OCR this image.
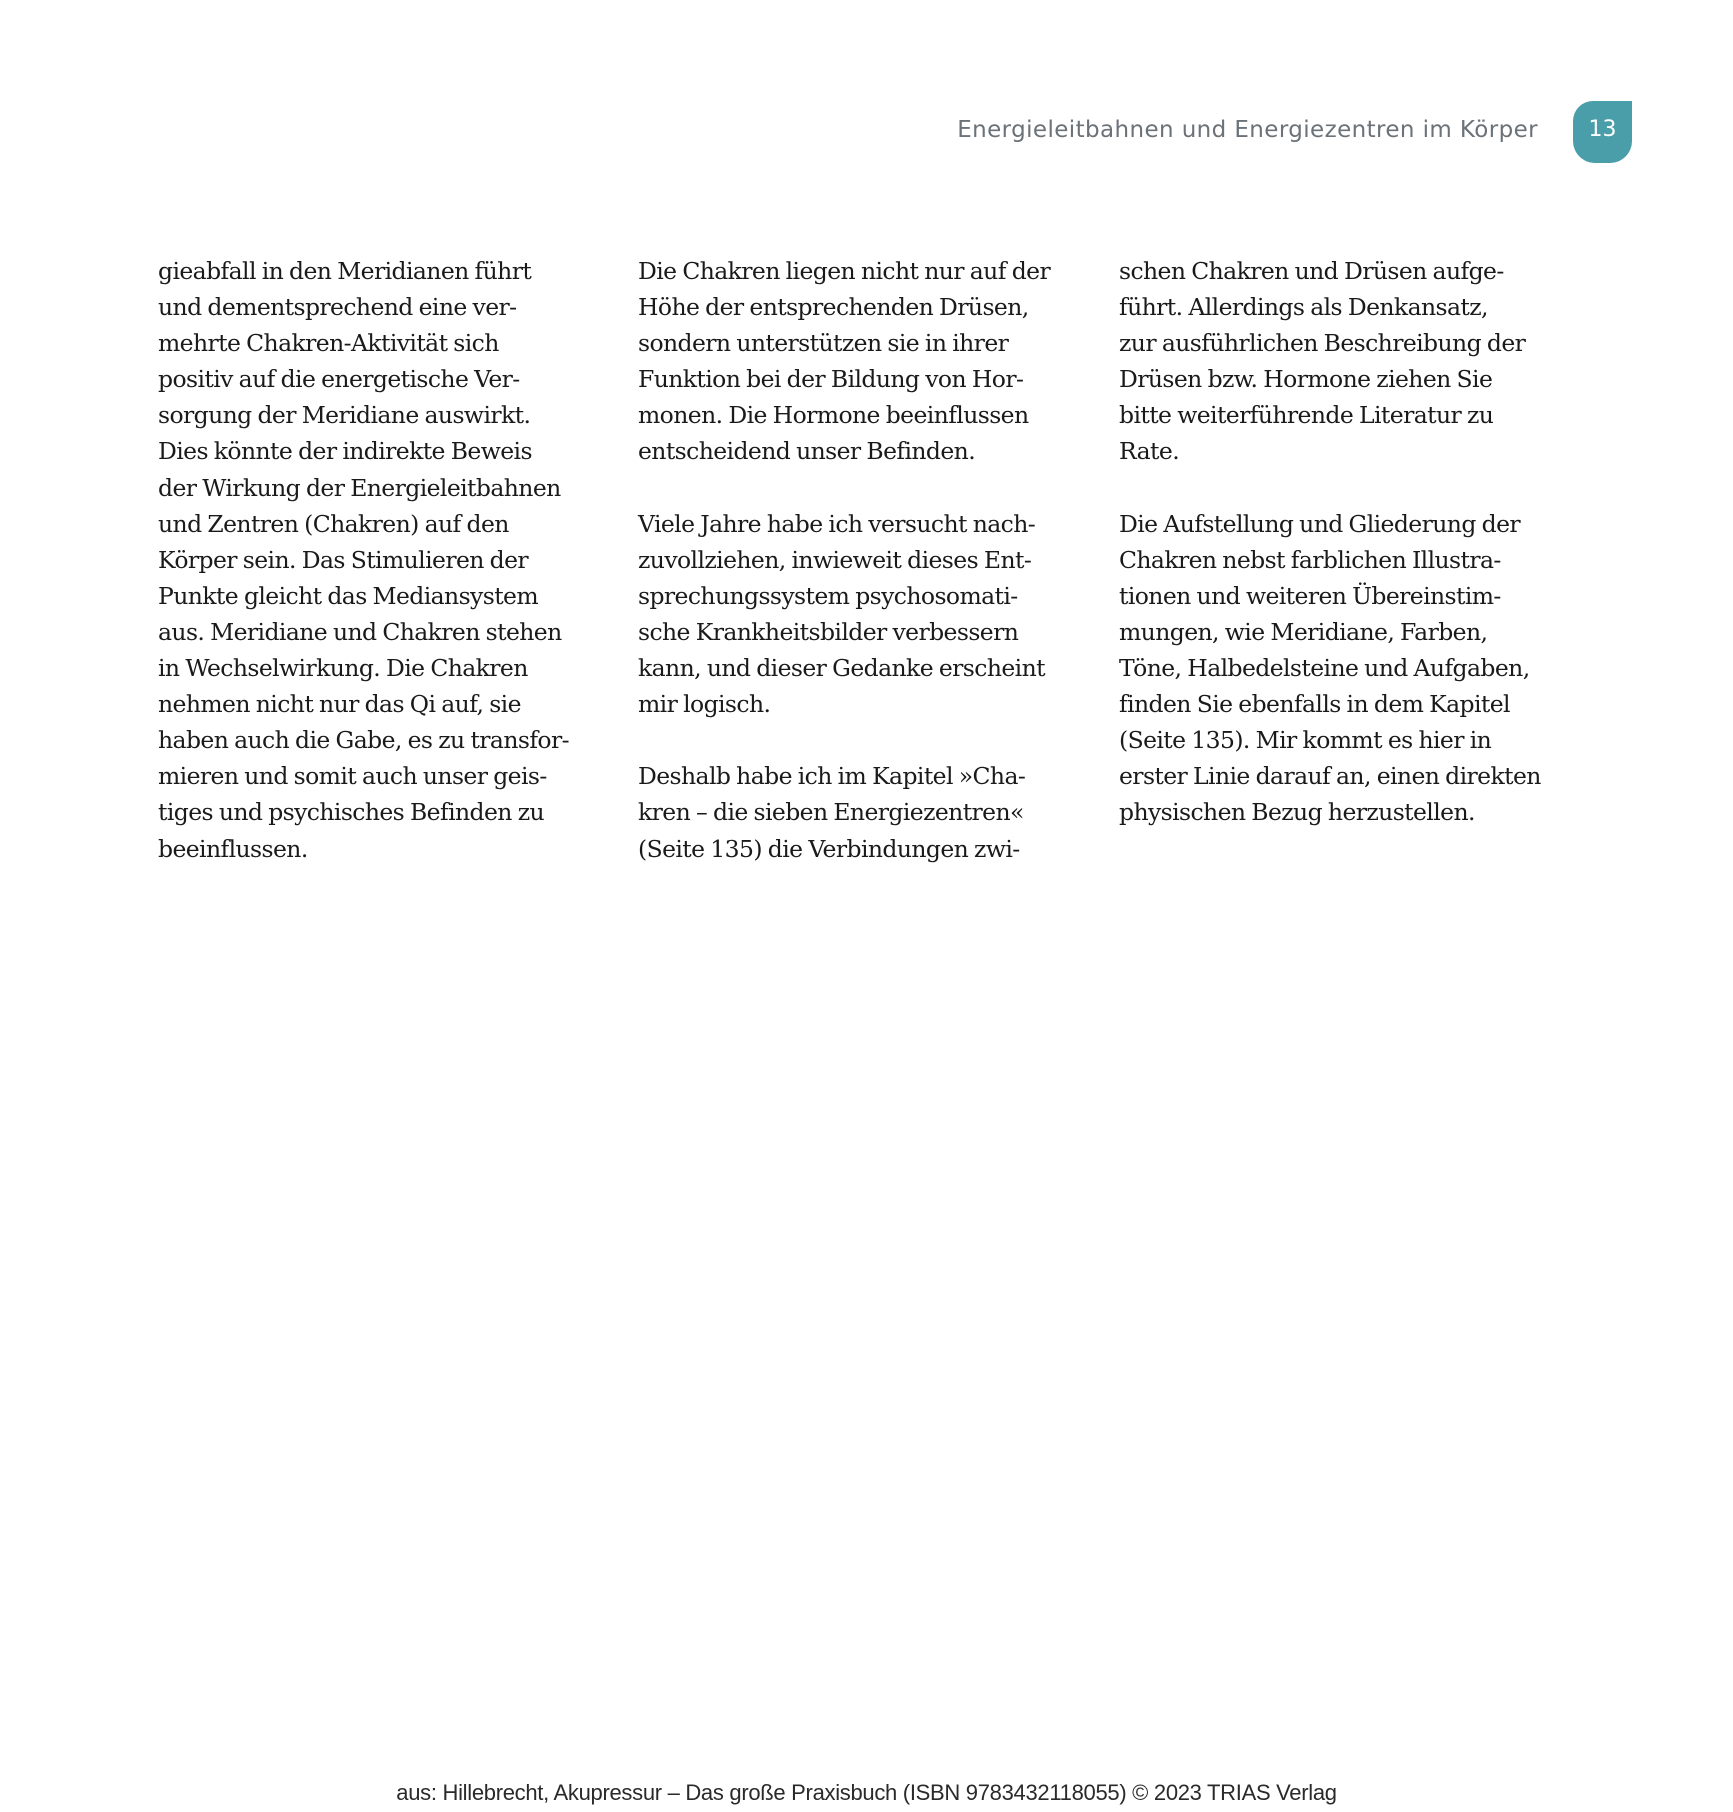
Energieleitbahnen und Energiezentren im Körper 13

gieabfall in den Meridianen führt
und dementsprechend eine ver-
mehrte Chakren-Aktivität sich
positiv auf die energetische Ver-
sorgung der Meridiane auswirkt.
Dies könnte der indirekte Beweis
der Wirkung der Energieleitbahnen
und Zentren (Chakren) auf den
Körper sein. Das Stimulieren der
Punkte gleicht das Mediansystem
aus. Meridiane und Chakren stehen
in Wechselwirkung. Die Chakren
nehmen nicht nur das Qi auf, sie
haben auch die Gabe, es zu transfor-
mieren und somit auch unser geis-
tiges und psychisches Befinden zu
beeinflussen.

Die Chakren liegen nicht nur auf der
Höhe der entsprechenden Drüsen,
sondern unterstützen sie in ihrer
Funktion bei der Bildung von Hor-
monen. Die Hormone beeinflussen
entscheidend unser Befinden.

Viele Jahre habe ich versucht nach-
zuvollziehen, inwieweit dieses Ent-
sprechungssystem psychosomati-
sche Krankheitsbilder verbessern
kann, und dieser Gedanke erscheint
mir logisch.

Deshalb habe ich im Kapitel »Cha-
kren – die sieben Energiezentren«
(Seite 135) die Verbindungen zwi-

schen Chakren und Drüsen aufge-
führt. Allerdings als Denkansatz,
zur ausführlichen Beschreibung der
Drüsen bzw. Hormone ziehen Sie
bitte weiterführende Literatur zu
Rate.

Die Aufstellung und Gliederung der
Chakren nebst farblichen Illustra-
tionen und weiteren Übereinstim-
mungen, wie Meridiane, Farben,
Töne, Halbedelsteine und Aufgaben,
finden Sie ebenfalls in dem Kapitel
(Seite 135). Mir kommt es hier in
erster Linie darauf an, einen direkten
physischen Bezug herzustellen.

aus: Hillebrecht, Akupressur – Das große Praxisbuch (ISBN 9783432118055) © 2023 TRIAS Verlag
